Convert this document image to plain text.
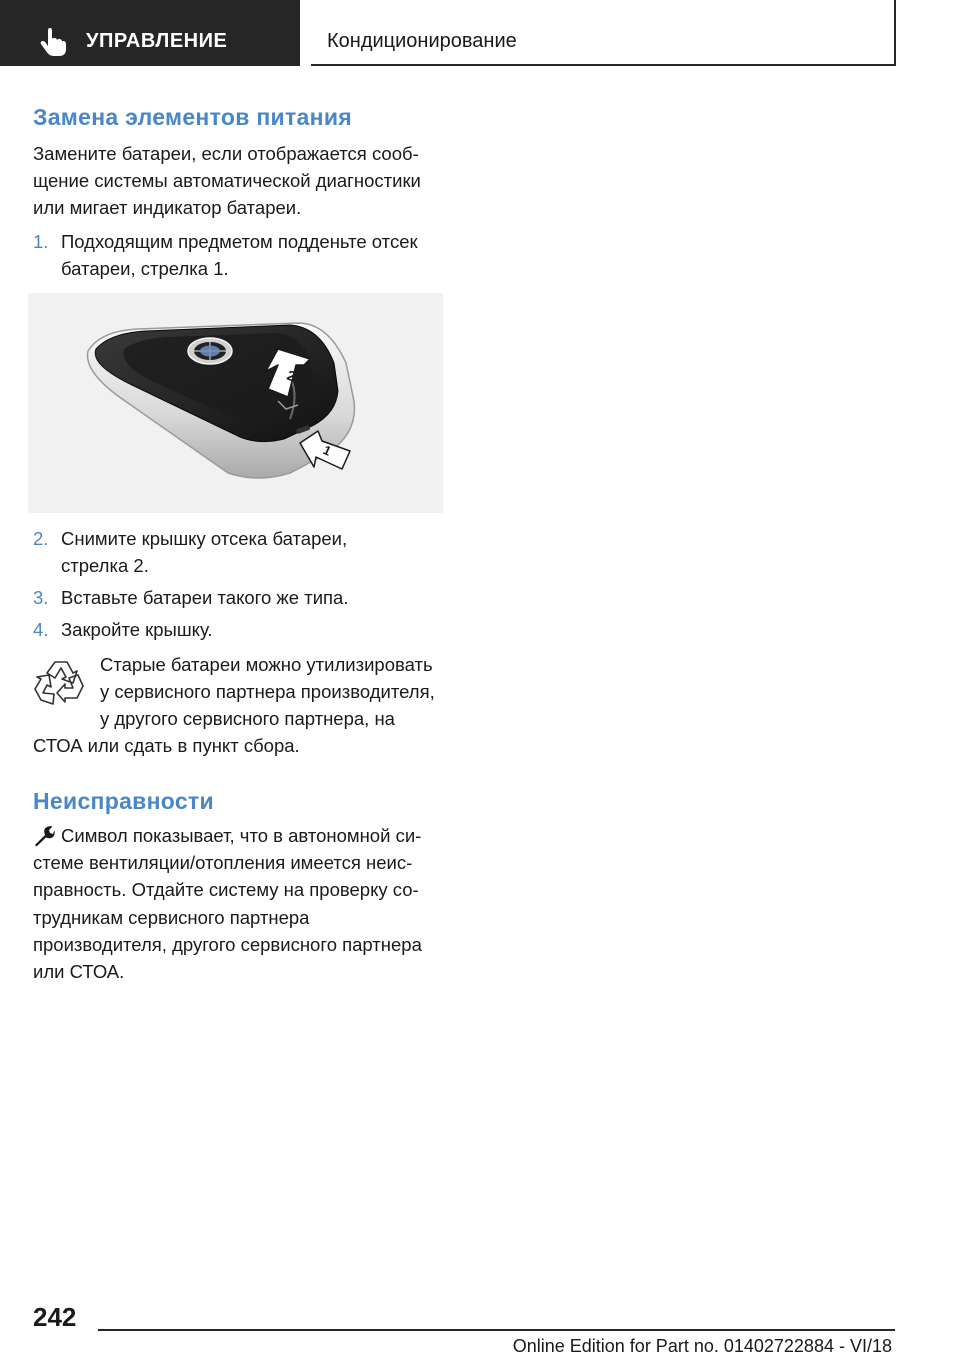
УПРАВЛЕНИЕ	Кондиционирование
Замена элементов питания
Замените батареи, если отображается сооб-
щение системы автоматической диагностики
или мигает индикатор батареи.
1. Подходящим предметом подденьте отсек
батареи, стрелка 1.
2
1
2. Снимите крышку отсека батареи,
стрелка 2.
3. Вставьте батареи такого же типа.
4. Закройте крышку.
Старые батареи можно утилизировать
у сервисного партнера производителя,
у другого сервисного партнера, на
СТОА или сдать в пункт сбора.
Неисправности
Символ показывает, что в автономной си-
стеме вентиляции/отопления имеется неис-
правность. Отдайте систему на проверку со-
трудникам сервисного партнера
производителя, другого сервисного партнера
или СТОА.
242
Online Edition for Part no. 01402722884 - VI/18
